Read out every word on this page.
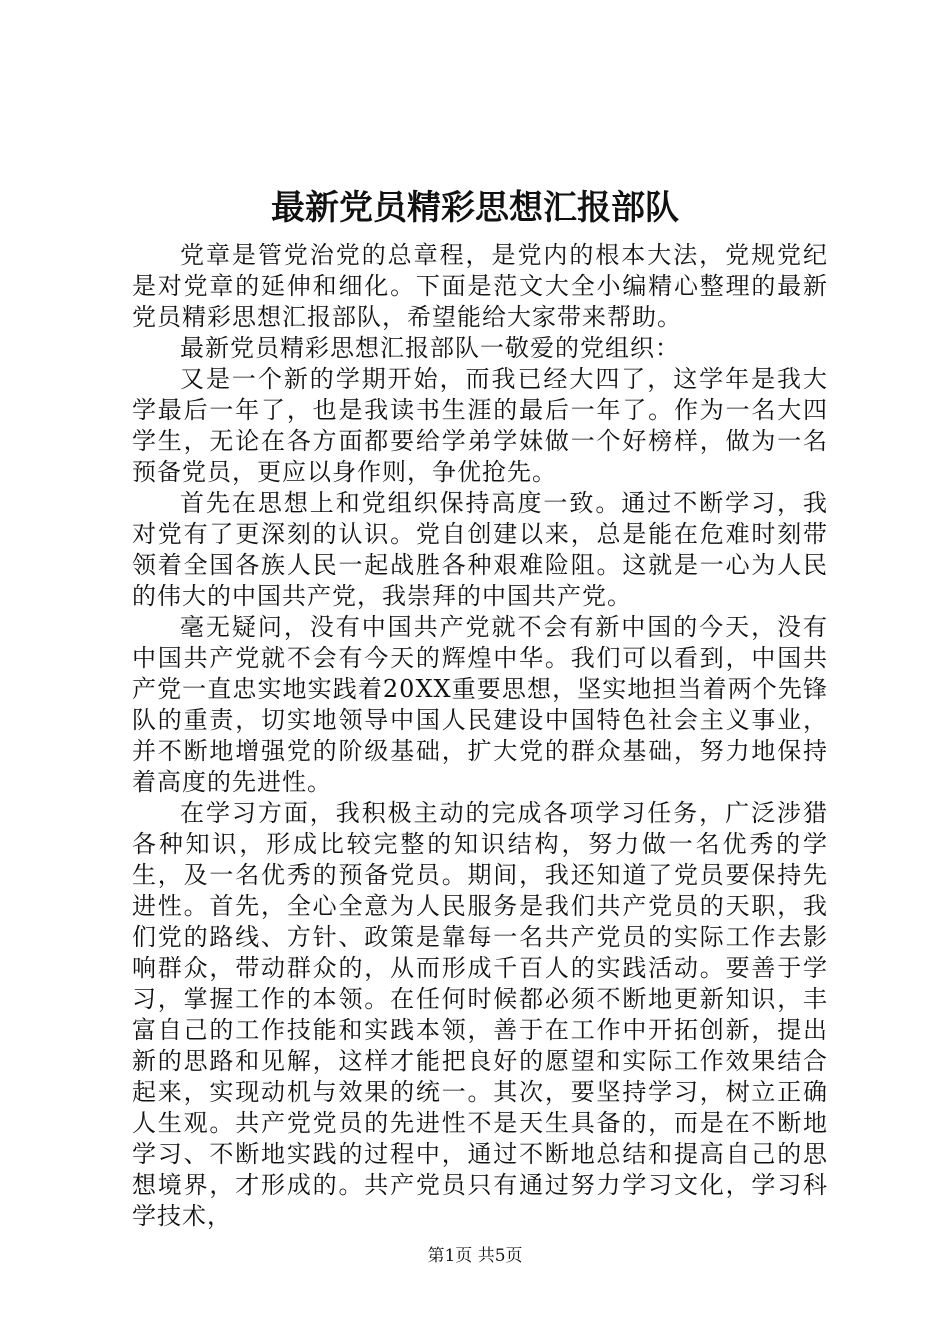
最新党员精彩思想汇报部队

党章是管党治党的总章程，是党内的根本大法，党规党纪是对党章的延伸和细化。下面是范文大全小编精心整理的最新党员精彩思想汇报部队，希望能给大家带来帮助。

最新党员精彩思想汇报部队一敬爱的党组织：

又是一个新的学期开始，而我已经大四了，这学年是我大学最后一年了，也是我读书生涯的最后一年了。作为一名大四学生，无论在各方面都要给学弟学妹做一个好榜样，做为一名预备党员，更应以身作则，争优抢先。

首先在思想上和党组织保持高度一致。通过不断学习，我对党有了更深刻的认识。党自创建以来，总是能在危难时刻带领着全国各族人民一起战胜各种艰难险阻。这就是一心为人民的伟大的中国共产党，我崇拜的中国共产党。

毫无疑问，没有中国共产党就不会有新中国的今天，没有中国共产党就不会有今天的辉煌中华。我们可以看到，中国共产党一直忠实地实践着20XX重要思想，坚实地担当着两个先锋队的重责，切实地领导中国人民建设中国特色社会主义事业，并不断地增强党的阶级基础，扩大党的群众基础，努力地保持着高度的先进性。

在学习方面，我积极主动的完成各项学习任务，广泛涉猎各种知识，形成比较完整的知识结构，努力做一名优秀的学生，及一名优秀的预备党员。期间，我还知道了党员要保持先进性。首先，全心全意为人民服务是我们共产党员的天职，我们党的路线、方针、政策是靠每一名共产党员的实际工作去影响群众，带动群众的，从而形成千百人的实践活动。要善于学习，掌握工作的本领。在任何时候都必须不断地更新知识，丰富自己的工作技能和实践本领，善于在工作中开拓创新，提出新的思路和见解，这样才能把良好的愿望和实际工作效果结合起来，实现动机与效果的统一。其次，要坚持学习，树立正确人生观。共产党党员的先进性不是天生具备的，而是在不断地学习、不断地实践的过程中，通过不断地总结和提高自己的思想境界，才形成的。共产党员只有通过努力学习文化，学习科学技术，

第1页 共5页
